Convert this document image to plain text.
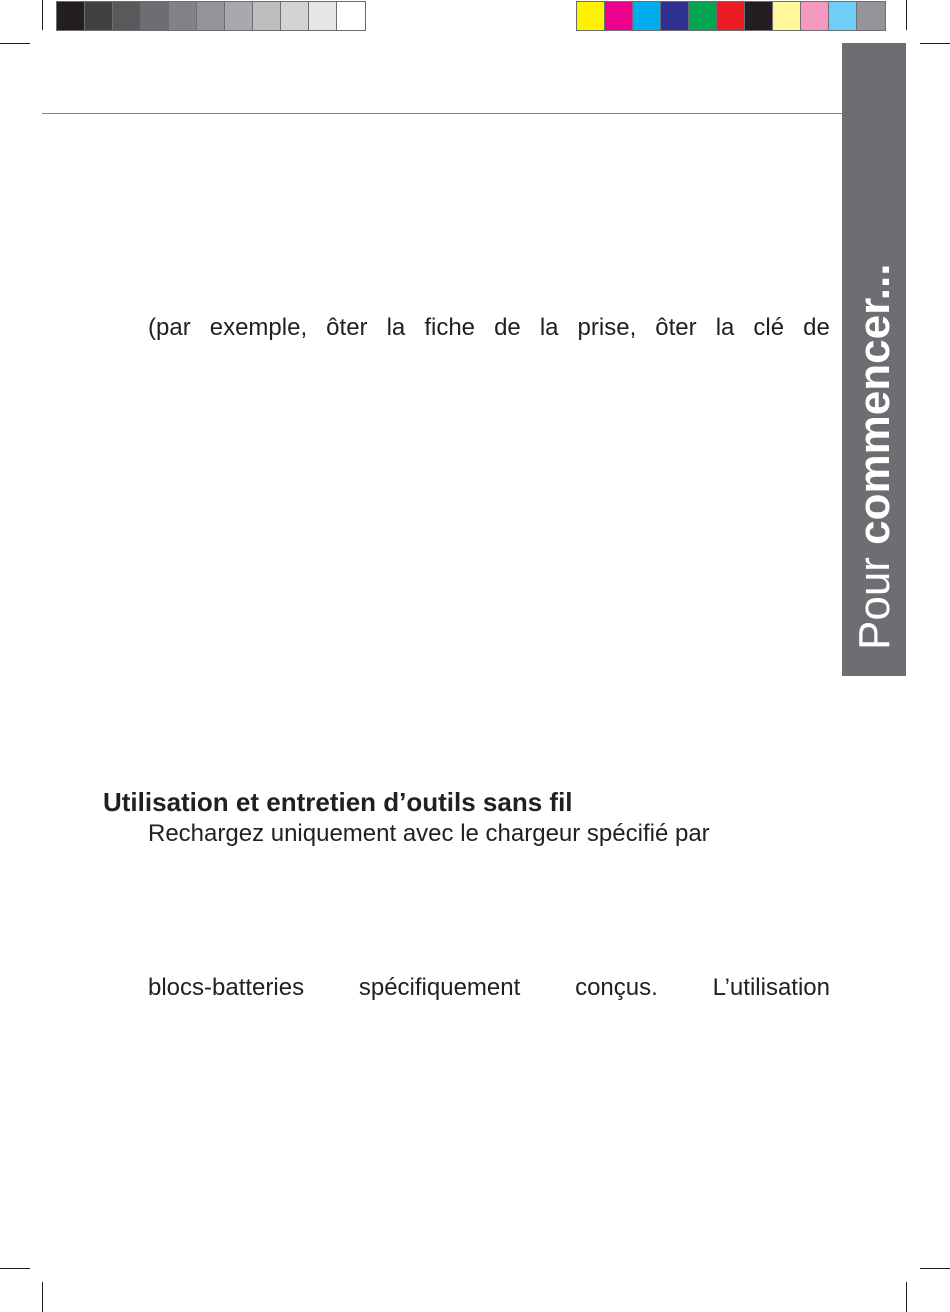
Pour commencer...
(par exemple, ôter la fiche de la prise, ôter la clé de
Utilisation et entretien d’outils sans fil
Rechargez uniquement avec le chargeur spécifié par
blocs-batteries spécifiquement conçus. L’utilisation
